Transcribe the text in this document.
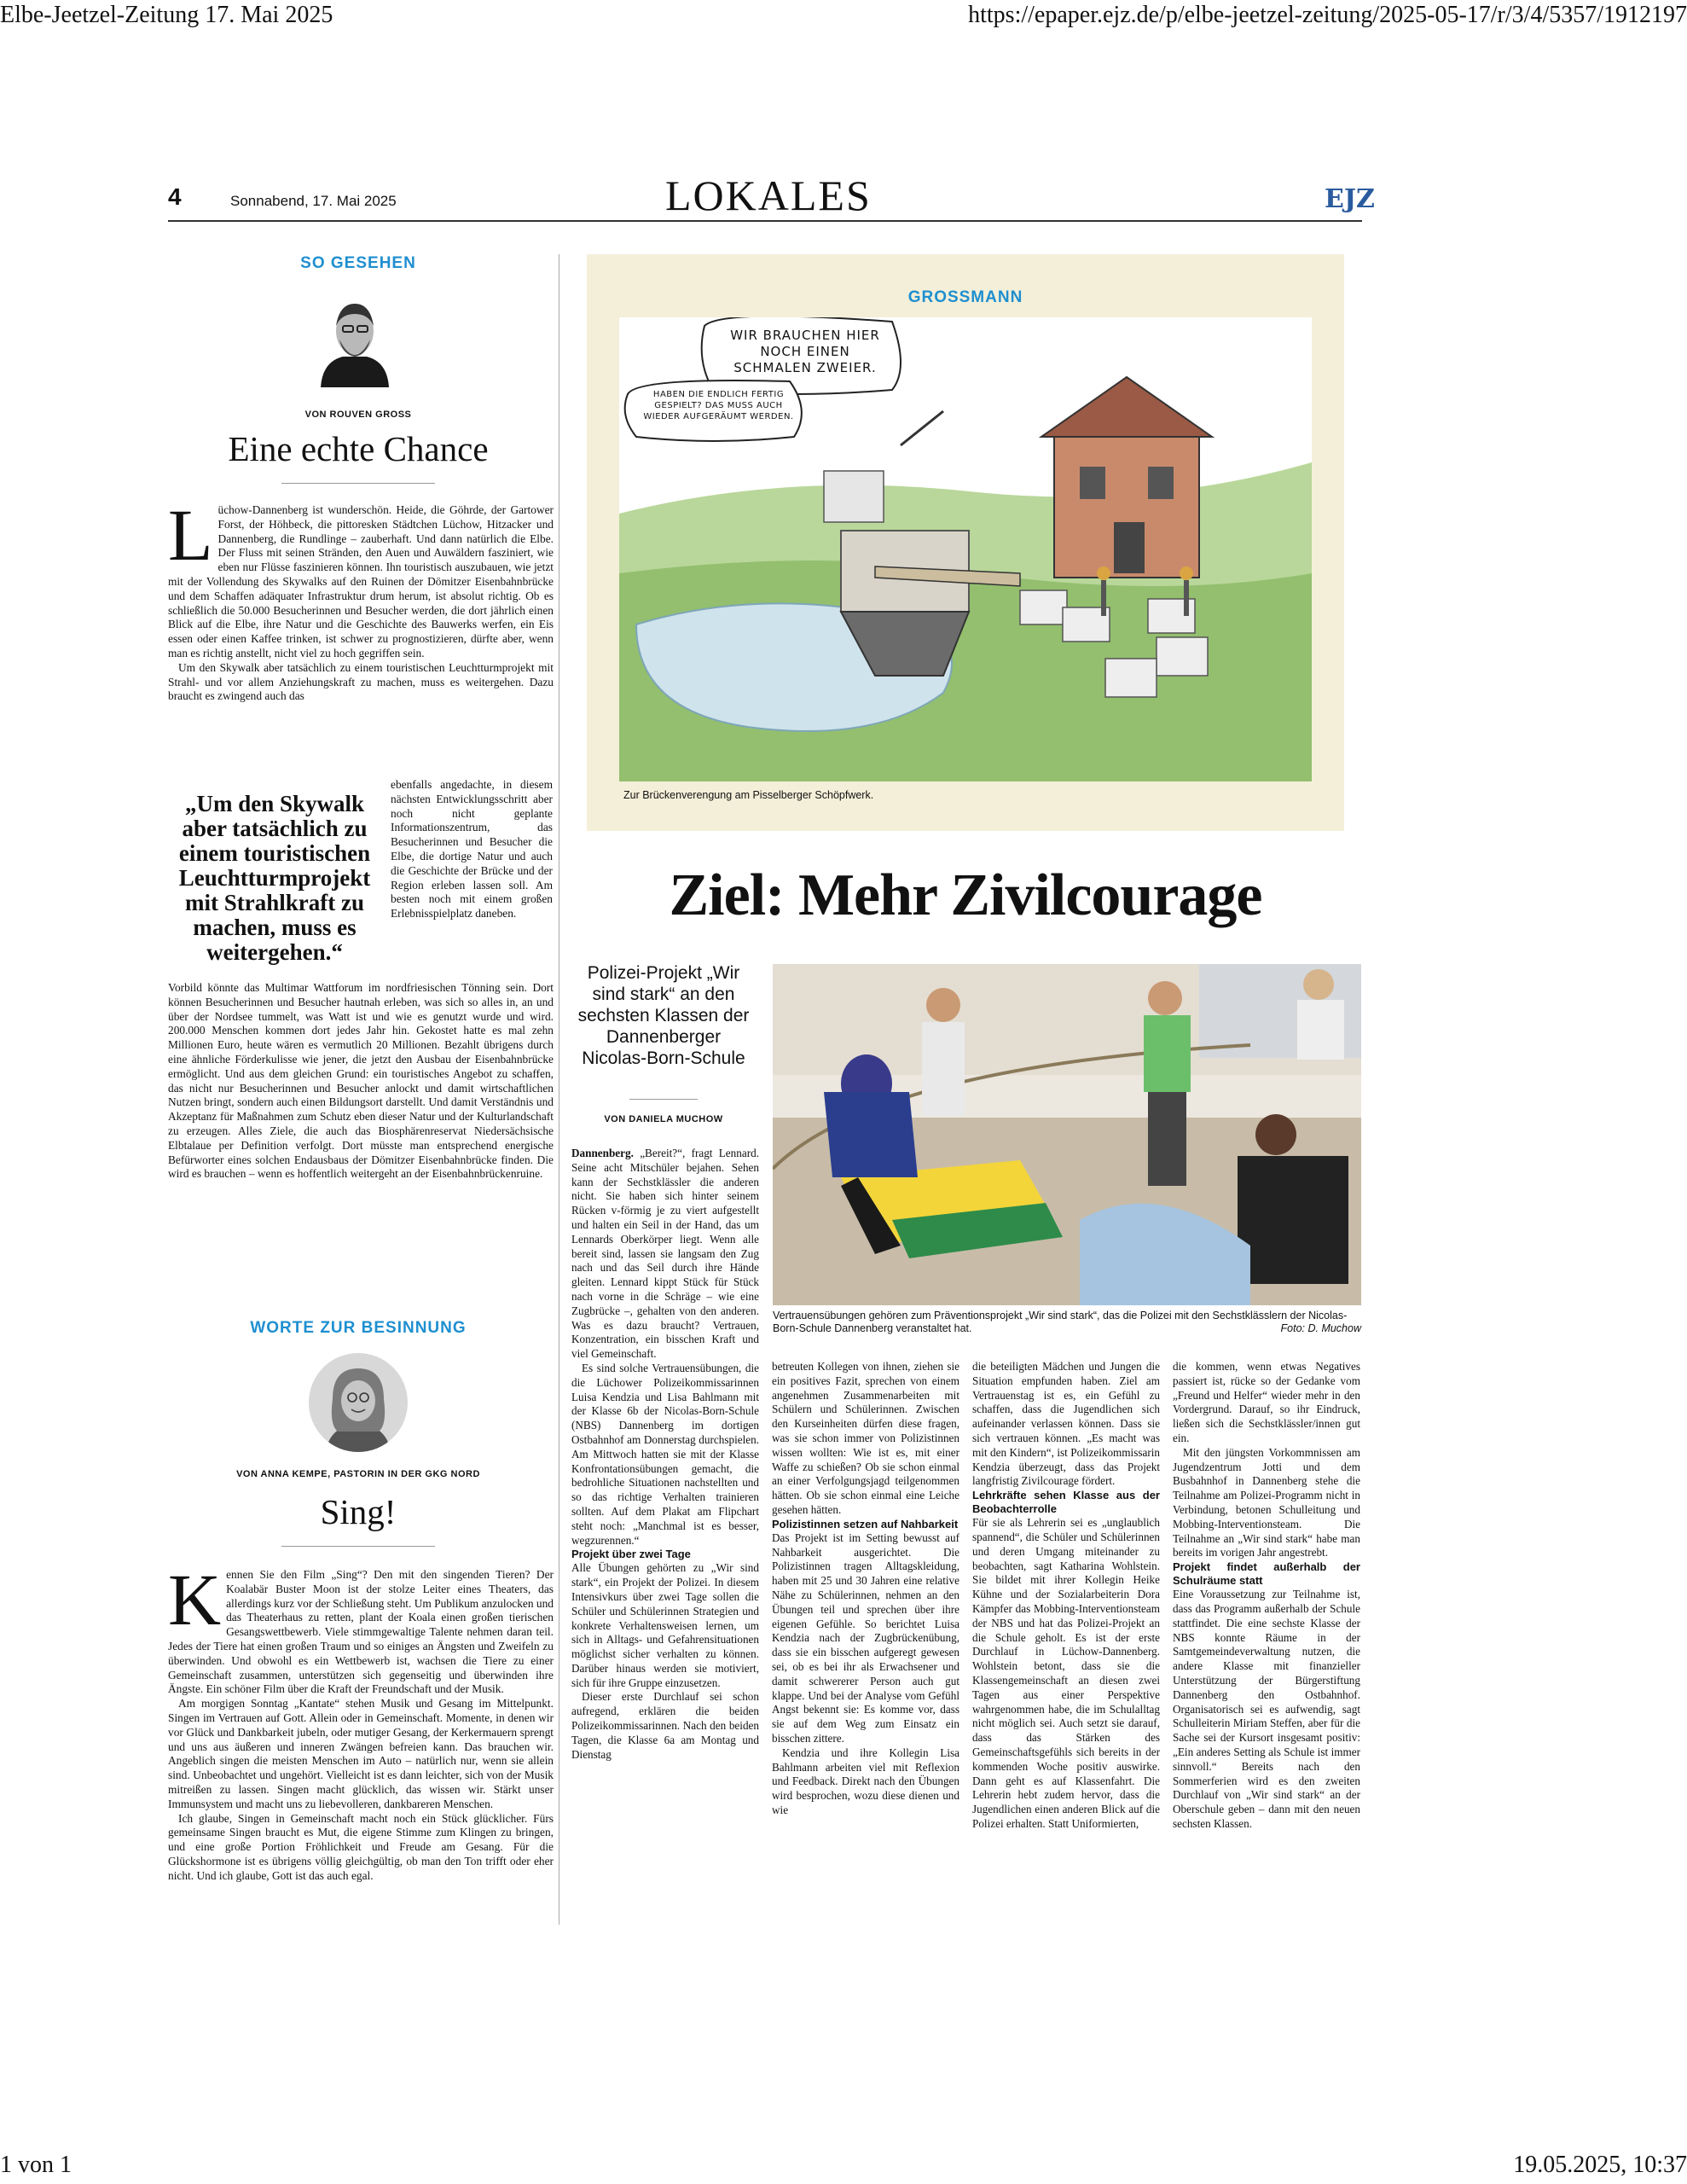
Elbe-Jeetzel-Zeitung 17. Mai 2025	https://epaper.ejz.de/p/elbe-jeetzel-zeitung/2025-05-17/r/3/4/5357/1912197
1 von 1	19.05.2025, 10:37
4	Sonnabend, 17. Mai 2025	LOKALES	EJZ
SO GESEHEN
VON ROUVEN GROSS
Eine echte Chance
L üchow-Dannenberg ist wunderschön. Heide, die Göhrde, der Gartower Forst, der Höhbeck, die pittoresken Städtchen Lüchow, Hitzacker und Dannenberg, die Rundlinge – zauberhaft. Und dann natürlich die Elbe. Der Fluss mit seinen Stränden, den Auen und Auwäldern fasziniert, wie eben nur Flüsse faszinieren können. Ihn touristisch auszubauen, wie jetzt mit der Vollendung des Skywalks auf den Ruinen der Dömitzer Eisenbahnbrücke und dem Schaffen adäquater Infrastruktur drum herum, ist absolut richtig. Ob es schließlich die 50.000 Besucherinnen und Besucher werden, die dort jährlich einen Blick auf die Elbe, ihre Natur und die Geschichte des Bauwerks werfen, ein Eis essen oder einen Kaffee trinken, ist schwer zu prognostizieren, dürfte aber, wenn man es richtig anstellt, nicht viel zu hoch gegriffen sein.

Um den Skywalk aber tatsächlich zu einem touristischen Leuchtturmprojekt mit Strahl- und vor allem Anziehungskraft zu machen, muss es weitergehen. Dazu braucht es zwingend auch das

„Um den Skywalk aber tatsächlich zu einem touristischen Leuchtturmprojekt mit Strahlkraft zu machen, muss es weitergehen.“

ebenfalls angedachte, in diesem nächsten Entwicklungsschritt aber noch nicht geplante Informationszentrum, das Besucherinnen und Besucher die Elbe, die dortige Natur und auch die Geschichte der Brücke und der Region erleben lassen soll. Am besten noch mit einem großen Erlebnisspielplatz daneben.

Vorbild könnte das Multimar Wattforum im nordfriesischen Tönning sein. Dort können Besucherinnen und Besucher hautnah erleben, was sich so alles in, an und über der Nordsee tummelt, was Watt ist und wie es genutzt wurde und wird. 200.000 Menschen kommen dort jedes Jahr hin. Gekostet hatte es mal zehn Millionen Euro, heute wären es vermutlich 20 Millionen. Bezahlt übrigens durch eine ähnliche Förderkulisse wie jener, die jetzt den Ausbau der Eisenbahnbrücke ermöglicht. Und aus dem gleichen Grund: ein touristisches Angebot zu schaffen, das nicht nur Besucherinnen und Besucher anlockt und damit wirtschaftlichen Nutzen bringt, sondern auch einen Bildungsort darstellt. Und damit Verständnis und Akzeptanz für Maßnahmen zum Schutz eben dieser Natur und der Kulturlandschaft zu erzeugen. Alles Ziele, die auch das Biosphärenreservat Niedersächsische Elbtalaue per Definition verfolgt. Dort müsste man entsprechend energische Befürworter eines solchen Endausbaus der Dömitzer Eisenbahnbrücke finden. Die wird es brauchen – wenn es hoffentlich weitergeht an der Eisenbahnbrückenruine.

WORTE ZUR BESINNUNG
VON ANNA KEMPE, PASTORIN IN DER GKG NORD
Sing!
K ennen Sie den Film „Sing“? Den mit den singenden Tieren? Der Koalabär Buster Moon ist der stolze Leiter eines Theaters, das allerdings kurz vor der Schließung steht. Um Publikum anzulocken und das Theaterhaus zu retten, plant der Koala einen großen tierischen Gesangswettbewerb. Viele stimmgewaltige Talente nehmen daran teil. Jedes der Tiere hat einen großen Traum und so einiges an Ängsten und Zweifeln zu überwinden. Und obwohl es ein Wettbewerb ist, wachsen die Tiere zu einer Gemeinschaft zusammen, unterstützen sich gegenseitig und überwinden ihre Ängste. Ein schöner Film über die Kraft der Freundschaft und der Musik.

Am morgigen Sonntag „Kantate“ stehen Musik und Gesang im Mittelpunkt. Singen im Vertrauen auf Gott. Allein oder in Gemeinschaft. Momente, in denen wir vor Glück und Dankbarkeit jubeln, oder mutiger Gesang, der Kerkermauern sprengt und uns aus äußeren und inneren Zwängen befreien kann. Das brauchen wir. Angeblich singen die meisten Menschen im Auto – natürlich nur, wenn sie allein sind. Unbeobachtet und ungehört. Vielleicht ist es dann leichter, sich von der Musik mitreißen zu lassen. Singen macht glücklich, das wissen wir. Stärkt unser Immunsystem und macht uns zu liebevolleren, dankbareren Menschen.

Ich glaube, Singen in Gemeinschaft macht noch ein Stück glücklicher. Fürs gemeinsame Singen braucht es Mut, die eigene Stimme zum Klingen zu bringen, und eine große Portion Fröhlichkeit und Freude am Gesang. Für die Glückshormone ist es übrigens völlig gleichgültig, ob man den Ton trifft oder eher nicht. Und ich glaube, Gott ist das auch egal.

GROSSMANN
WIR BRAUCHEN HIER NOCH EINEN SCHMALEN ZWEIER.
HABEN DIE ENDLICH FERTIG GESPIELT? DAS MUSS AUCH WIEDER AUFGERÄUMT WERDEN.
Zur Brückenverengung am Pisselberger Schöpfwerk.
Ziel: Mehr Zivilcourage
Polizei-Projekt „Wir sind stark“ an den sechsten Klassen der Dannenberger Nicolas-Born-Schule
VON DANIELA MUCHOW
Vertrauensübungen gehören zum Präventionsprojekt „Wir sind stark“, das die Polizei mit den Sechstklässlern der Nicolas-Born-Schule Dannenberg veranstaltet hat.	Foto: D. Muchow

Dannenberg. „Bereit?“, fragt Lennard. Seine acht Mitschüler bejahen. Sehen kann der Sechstklässler die anderen nicht. Sie haben sich hinter seinem Rücken v-förmig je zu viert aufgestellt und halten ein Seil in der Hand, das um Lennards Oberkörper liegt. Wenn alle bereit sind, lassen sie langsam den Zug nach und das Seil durch ihre Hände gleiten. Lennard kippt Stück für Stück nach vorne in die Schräge – wie eine Zugbrücke –, gehalten von den anderen. Was es dazu braucht? Vertrauen, Konzentration, ein bisschen Kraft und viel Gemeinschaft.

Es sind solche Vertrauensübungen, die die Lüchower Polizeikommissarinnen Luisa Kendzia und Lisa Bahlmann mit der Klasse 6b der Nicolas-Born-Schule (NBS) Dannenberg im dortigen Ostbahnhof am Donnerstag durchspielen. Am Mittwoch hatten sie mit der Klasse Konfrontationsübungen gemacht, die bedrohliche Situationen nachstellten und so das richtige Verhalten trainieren sollten. Auf dem Plakat am Flipchart steht noch: „Manchmal ist es besser, wegzurennen.“

Projekt über zwei Tage

Alle Übungen gehörten zu „Wir sind stark“, ein Projekt der Polizei. In diesem Intensivkurs über zwei Tage sollen die Schüler und Schülerinnen Strategien und konkrete Verhaltensweisen lernen, um sich in Alltags- und Gefahrensituationen möglichst sicher verhalten zu können. Darüber hinaus werden sie motiviert, sich für ihre Gruppe einzusetzen.

Dieser erste Durchlauf sei schon aufregend, erklären die beiden Polizeikommissarinnen. Nach den beiden Tagen, die Klasse 6a am Montag und Dienstag

betreuten Kollegen von ihnen, ziehen sie ein positives Fazit, sprechen von einem angenehmen Zusammenarbeiten mit Schülern und Schülerinnen. Zwischen den Kurseinheiten dürfen diese fragen, was sie schon immer von Polizistinnen wissen wollten: Wie ist es, mit einer Waffe zu schießen? Ob sie schon einmal an einer Verfolgungsjagd teilgenommen hätten. Ob sie schon einmal eine Leiche gesehen hätten.

Polizistinnen setzen auf Nahbarkeit

Das Projekt ist im Setting bewusst auf Nahbarkeit ausgerichtet. Die Polizistinnen tragen Alltagskleidung, haben mit 25 und 30 Jahren eine relative Nähe zu Schülerinnen, nehmen an den Übungen teil und sprechen über ihre eigenen Gefühle. So berichtet Luisa Kendzia nach der Zugbrückenübung, dass sie ein bisschen aufgeregt gewesen sei, ob es bei ihr als Erwachsener und damit schwererer Person auch gut klappe. Und bei der Analyse vom Gefühl Angst bekennt sie: Es komme vor, dass sie auf dem Weg zum Einsatz ein bisschen zittere.

Kendzia und ihre Kollegin Lisa Bahlmann arbeiten viel mit Reflexion und Feedback. Direkt nach den Übungen wird besprochen, wozu diese dienen und wie

die beteiligten Mädchen und Jungen die Situation empfunden haben. Ziel am Vertrauenstag ist es, ein Gefühl zu schaffen, dass die Jugendlichen sich aufeinander verlassen können. Dass sie sich vertrauen können. „Es macht was mit den Kindern“, ist Polizeikommissarin Kendzia überzeugt, dass das Projekt langfristig Zivilcourage fördert.

Lehrkräfte sehen Klasse aus der Beobachterrolle

Für sie als Lehrerin sei es „unglaublich spannend“, die Schüler und Schülerinnen und deren Umgang miteinander zu beobachten, sagt Katharina Wohlstein. Sie bildet mit ihrer Kollegin Heike Kühne und der Sozialarbeiterin Dora Kämpfer das Mobbing-Interventionsteam der NBS und hat das Polizei-Projekt an die Schule geholt. Es ist der erste Durchlauf in Lüchow-Dannenberg. Wohlstein betont, dass sie die Klassengemeinschaft an diesen zwei Tagen aus einer Perspektive wahrgenommen habe, die im Schulalltag nicht möglich sei. Auch setzt sie darauf, dass das Stärken des Gemeinschaftsgefühls sich bereits in der kommenden Woche positiv auswirke. Dann geht es auf Klassenfahrt. Die Lehrerin hebt zudem hervor, dass die Jugendlichen einen anderen Blick auf die Polizei erhalten. Statt Uniformierten,

die kommen, wenn etwas Negatives passiert ist, rücke so der Gedanke vom „Freund und Helfer“ wieder mehr in den Vordergrund. Darauf, so ihr Eindruck, ließen sich die Sechstklässler/innen gut ein.

Mit den jüngsten Vorkommnissen am Jugendzentrum Jotti und dem Busbahnhof in Dannenberg stehe die Teilnahme am Polizei-Programm nicht in Verbindung, betonen Schulleitung und Mobbing-Interventionsteam. Die Teilnahme an „Wir sind stark“ habe man bereits im vorigen Jahr angestrebt.

Projekt findet außerhalb der Schulräume statt

Eine Voraussetzung zur Teilnahme ist, dass das Programm außerhalb der Schule stattfindet. Die eine sechste Klasse der NBS konnte Räume in der Samtgemeindeverwaltung nutzen, die andere Klasse mit finanzieller Unterstützung der Bürgerstiftung Dannenberg den Ostbahnhof. Organisatorisch sei es aufwendig, sagt Schulleiterin Miriam Steffen, aber für die Sache sei der Kursort insgesamt positiv: „Ein anderes Setting als Schule ist immer sinnvoll.“ Bereits nach den Sommerferien wird es den zweiten Durchlauf von „Wir sind stark“ an der Oberschule geben – dann mit den neuen sechsten Klassen.
